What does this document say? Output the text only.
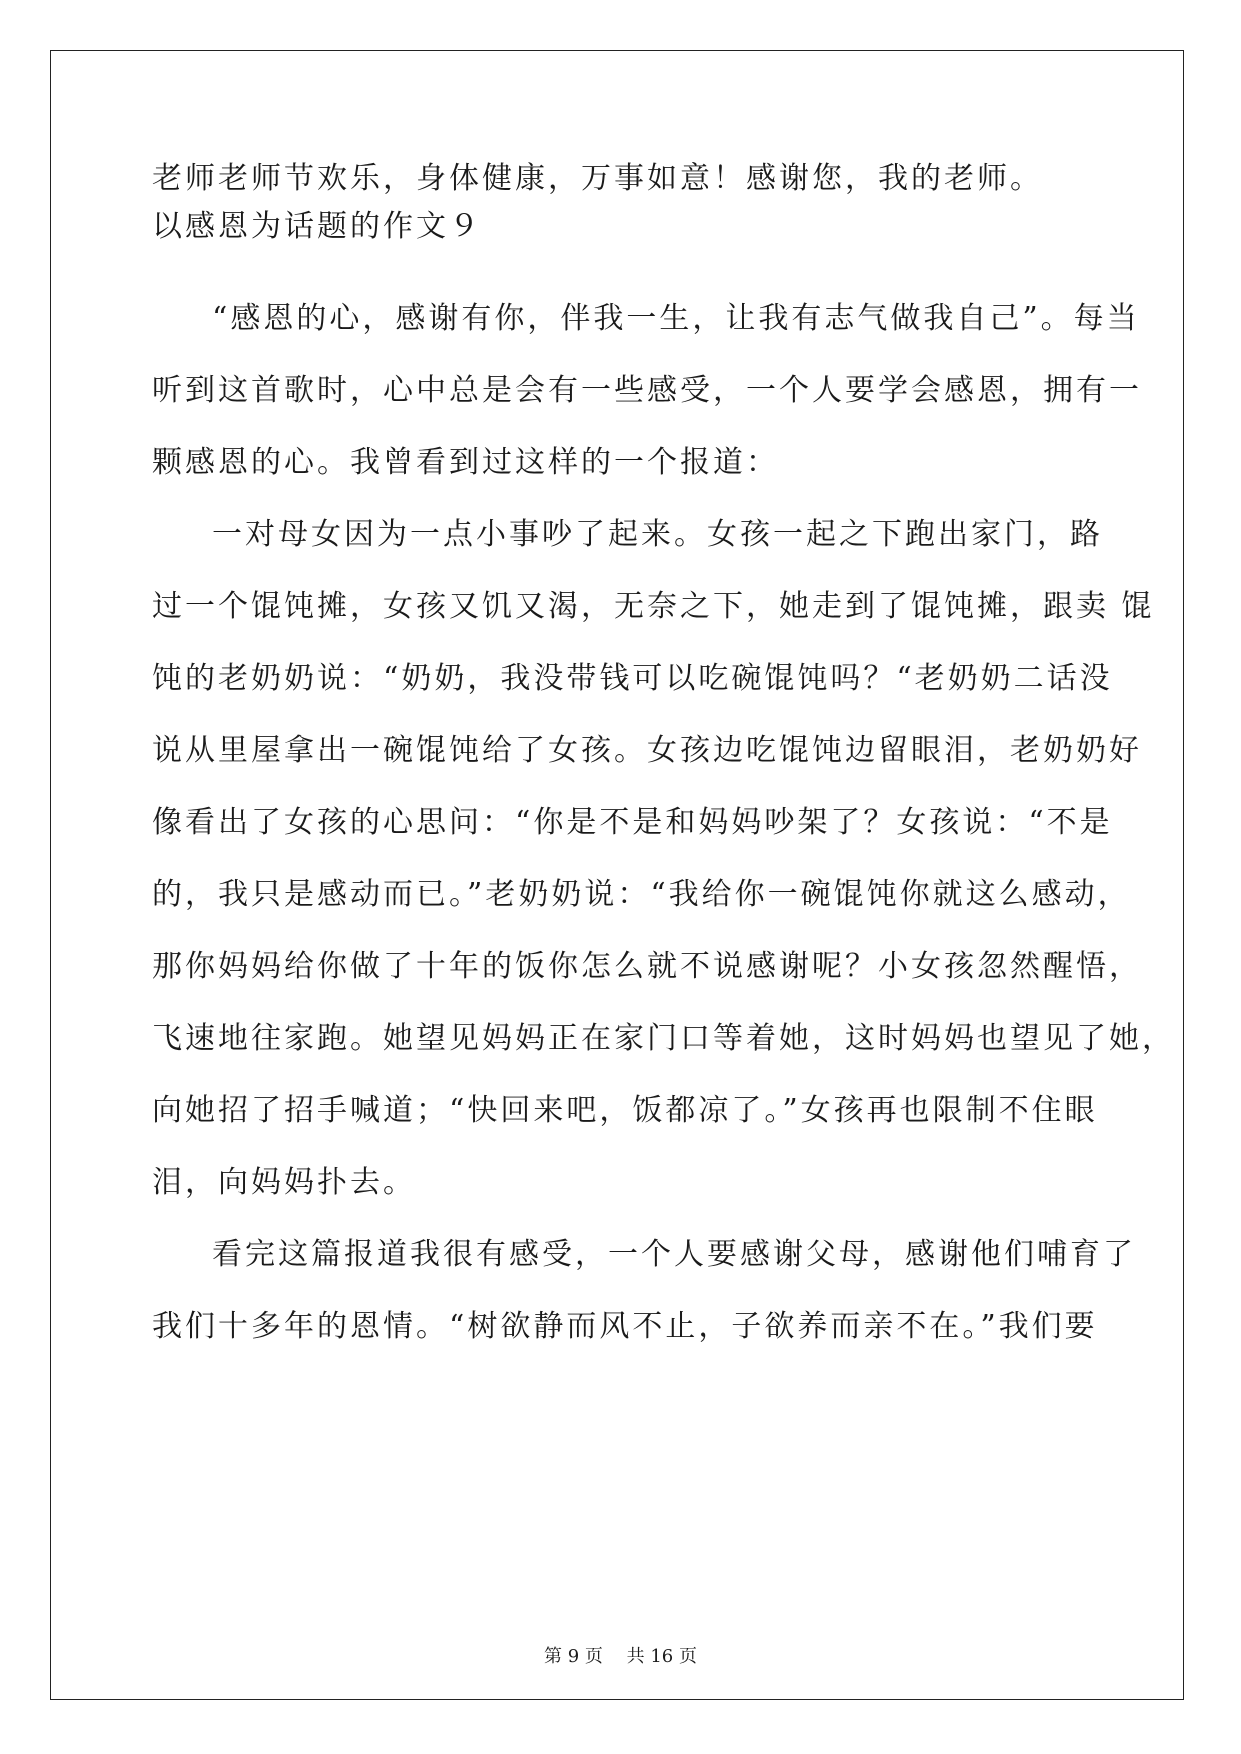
老师老师节欢乐，身体健康，万事如意！感谢您，我的老师。

以感恩为话题的作文９

“感恩的心，感谢有你，伴我一生，让我有志气做我自己”。每当

听到这首歌时，心中总是会有一些感受，一个人要学会感恩，拥有一

颗感恩的心。我曾看到过这样的一个报道：

一对母女因为一点小事吵了起来。女孩一起之下跑出家门，路

过一个馄饨摊，女孩又饥又渴，无奈之下，她走到了馄饨摊，跟卖 馄

饨的老奶奶说：“奶奶，我没带钱可以吃碗馄饨吗？“老奶奶二话没

说从里屋拿出一碗馄饨给了女孩。女孩边吃馄饨边留眼泪，老奶奶好

像看出了女孩的心思问：“你是不是和妈妈吵架了？女孩说：“不是

的，我只是感动而已。”老奶奶说：“我给你一碗馄饨你就这么感动，

那你妈妈给你做了十年的饭你怎么就不说感谢呢？小女孩忽然醒悟，

飞速地往家跑。她望见妈妈正在家门口等着她，这时妈妈也望见了她，

向她招了招手喊道；“快回来吧，饭都凉了。”女孩再也限制不住眼

泪，向妈妈扑去。

看完这篇报道我很有感受，一个人要感谢父母，感谢他们哺育了

我们十多年的恩情。“树欲静而风不止，子欲养而亲不在。”我们要

第 9 页　 共 16 页
